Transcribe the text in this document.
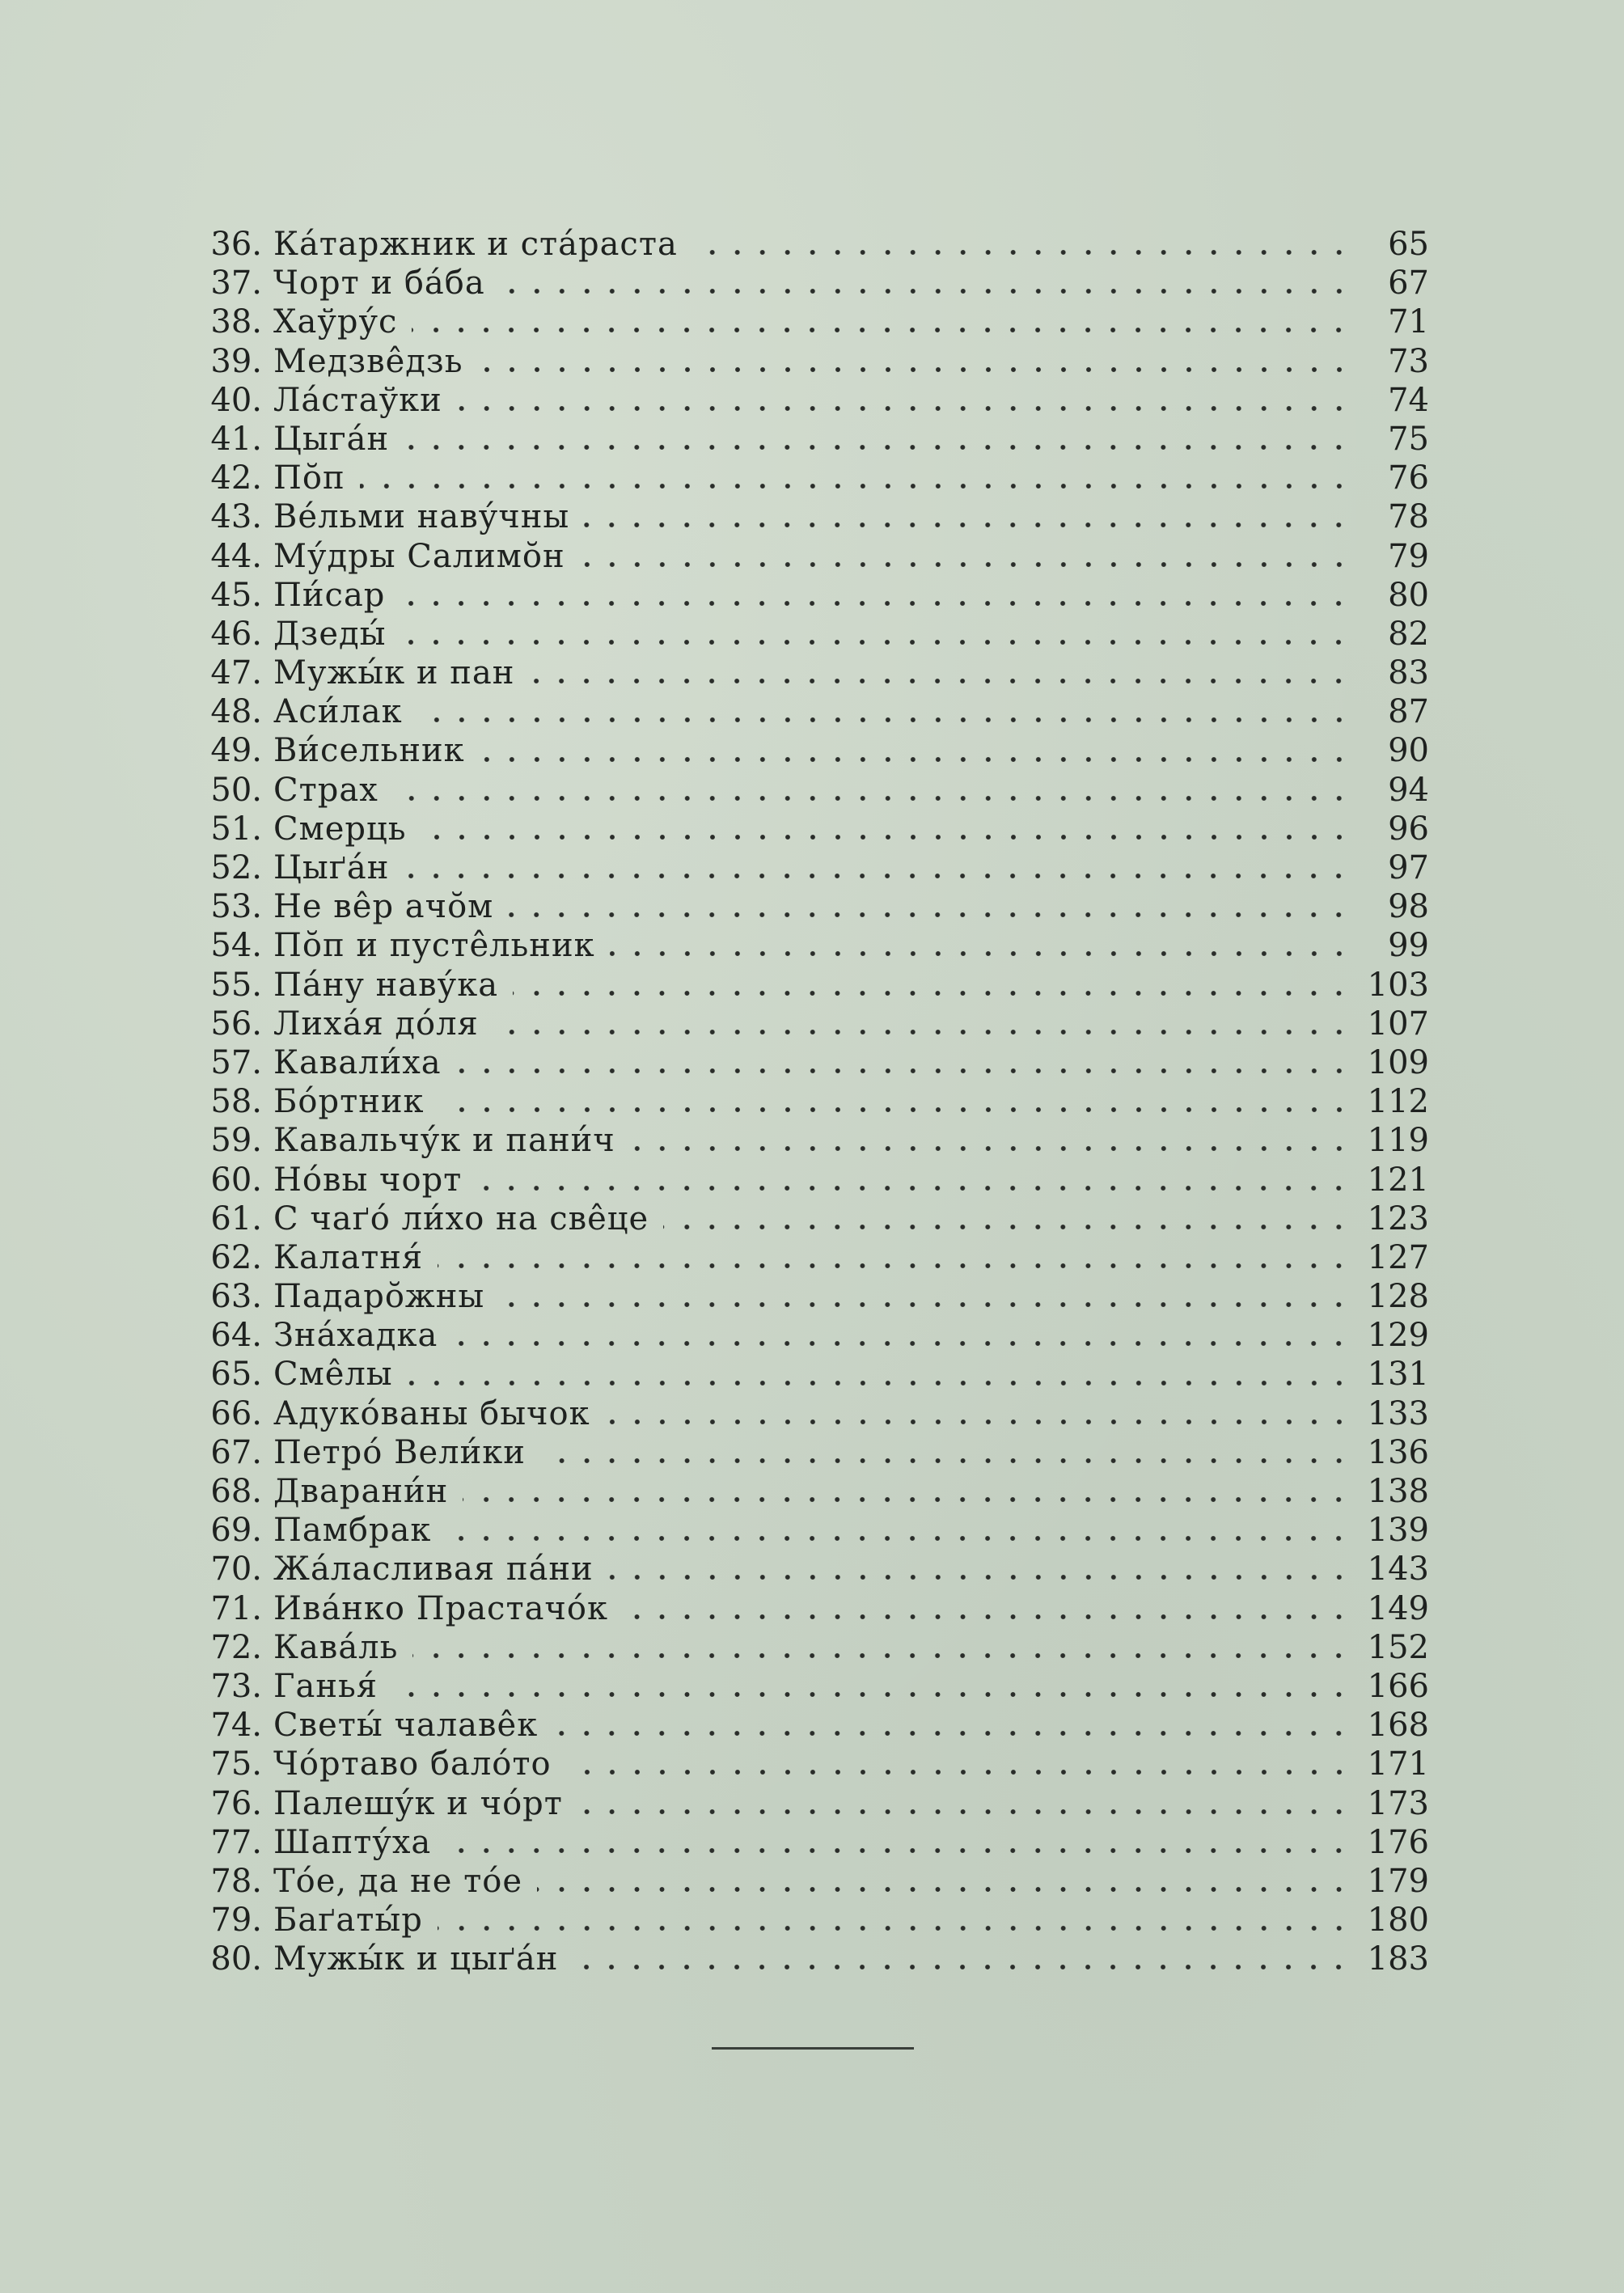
36. Ка́таржник и ста́раста	65
37. Чорт и ба́ба	67
38. Хаўру́с	71
39. Медзве̂дзь	73
40. Ла́стаўки	74
41. Цыга́н	75
42. По̆п	76
43. Ве́льми наву́чны	78
44. Му́дры Салимо̆н	79
45. Пи́сар	80
46. Дзеды́	82
47. Мужы́к и пан	83
48. Аси́лак	87
49. Ви́сельник	90
50. Страх	94
51. Смерць	96
52. Цыґа́н	97
53. Не ве̂р ачо̆м	98
54. По̆п и пусте̂льник	99
55. Па́ну наву́ка	103
56. Лиха́я до́ля	107
57. Кавали́ха	109
58. Бо́ртник	112
59. Кавальчу́к и пани́ч	119
60. Но́вы чорт	121
61. С чаґо́ ли́хо на све̂це	123
62. Калатня́	127
63. Падаро̆жны	128
64. Зна́хадка	129
65. Сме̂лы	131
66. Адуко́ваны бычок	133
67. Петро́ Вели́ки	136
68. Дварани́н	138
69. Памбрак	139
70. Жа́ласливая па́ни	143
71. Ива́нко Прастачо́к	149
72. Кава́ль	152
73. Ганья́	166
74. Светы́ чалаве̂к	168
75. Чо́ртаво бало́то	171
76. Палешу́к и чо́рт	173
77. Шапту́ха	176
78. То́е, да не то́е	179
79. Баґаты́р	180
80. Мужы́к и цыґа́н	183
